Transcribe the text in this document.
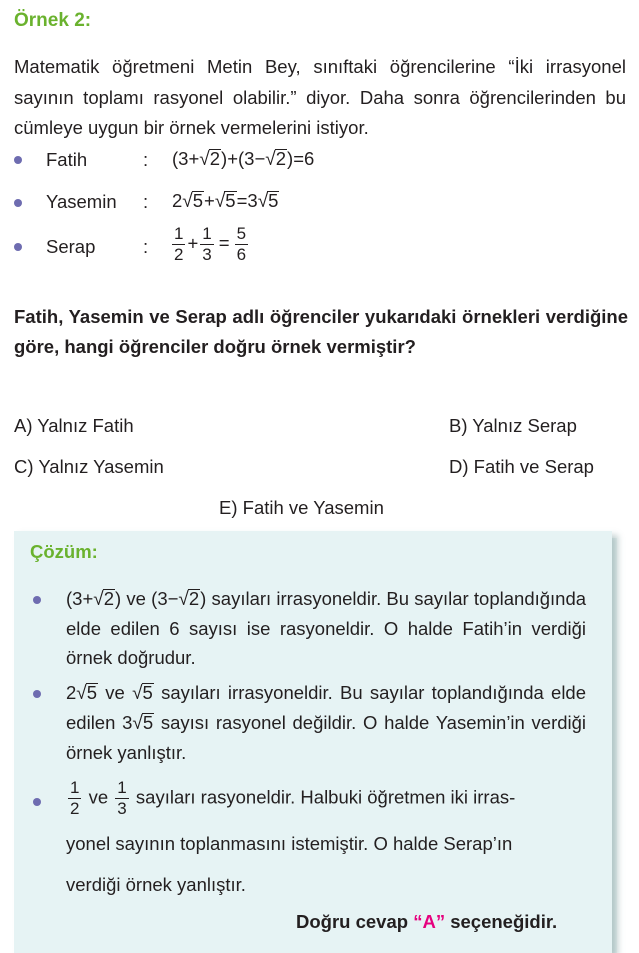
Örnek 2:
Matematik öğretmeni Metin Bey, sınıftaki öğrencilerine “İki irrasyonel sayının toplamı rasyonel olabilir.” diyor. Daha sonra öğrencilerinden bu cümleye uygun bir örnek vermelerini istiyor.
Fatih	: (3+√2)+(3−√2)=6
Yasemin : 2√5+√5=3√5
Serap	: $\frac{1}{2} + \frac{1}{3} = \frac{5}{6}$
Fatih, Yasemin ve Serap adlı öğrenciler yukarıdaki örnekleri verdiğine göre, hangi öğrenciler doğru örnek vermiştir?
A) Yalnız Fatih	B) Yalnız Serap
C) Yalnız Yasemin	D) Fatih ve Serap
E) Fatih ve Yasemin
Çözüm:
(3+√2) ve (3−√2) sayıları irrasyoneldir. Bu sayılar toplandığında elde edilen 6 sayısı ise rasyoneldir. O halde Fatih’in verdiği örnek doğrudur.
2√5 ve √5 sayıları irrasyoneldir. Bu sayılar toplandığında elde edilen 3√5 sayısı rasyonel değildir. O halde Yasemin’in verdiği örnek yanlıştır.
$\frac{1}{2}$ ve $\frac{1}{3}$ sayıları rasyoneldir. Halbuki öğretmen iki irras-
yonel sayının toplanmasını istemiştir. O halde Serap’ın
verdiği örnek yanlıştır.
Doğru cevap “A” seçeneğidir.
